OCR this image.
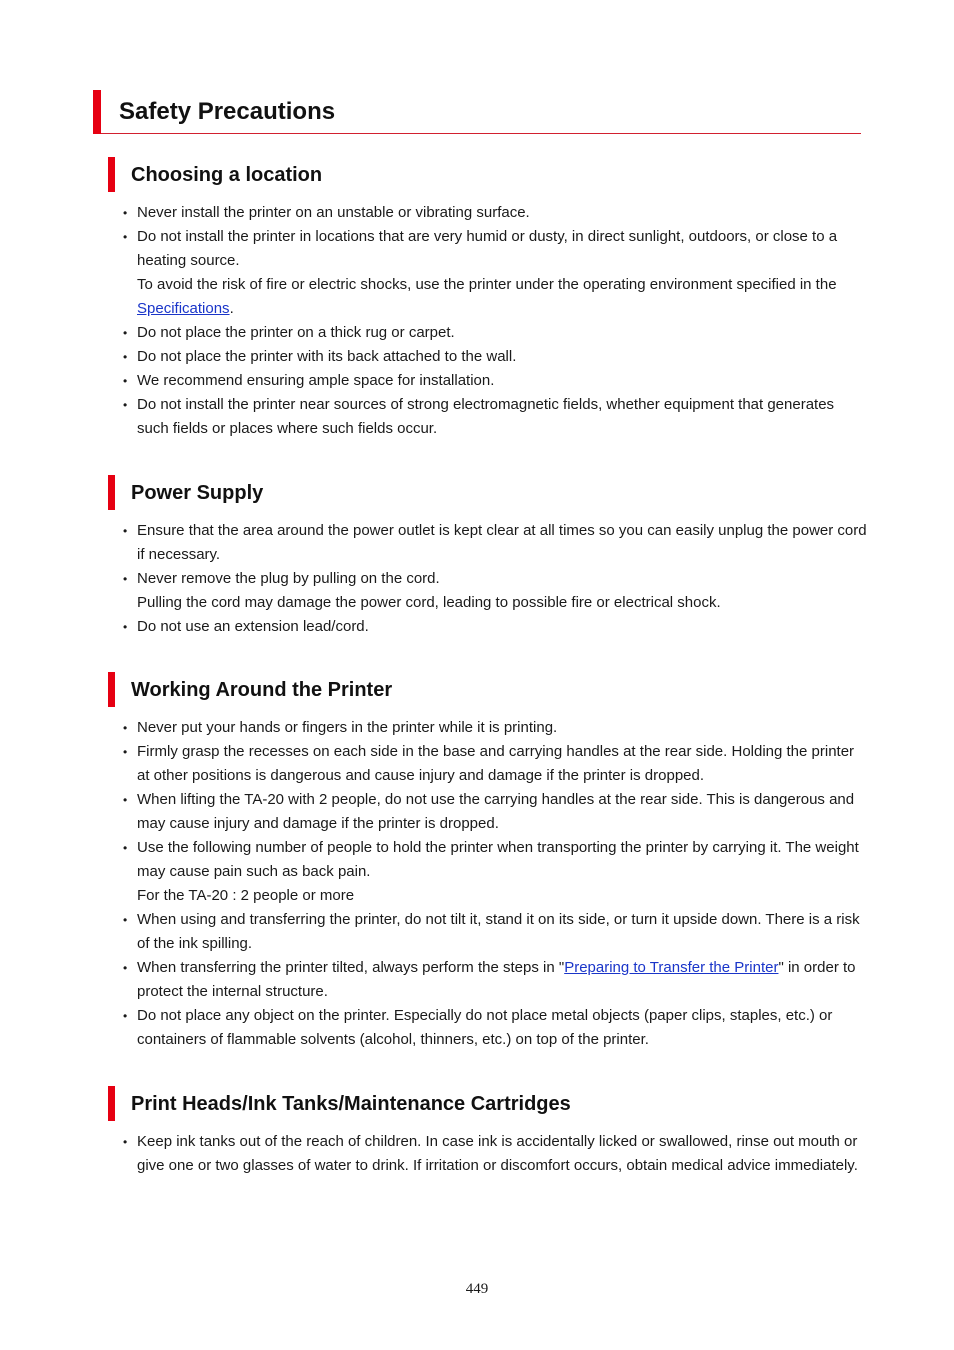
Safety Precautions
Choosing a location
• Never install the printer on an unstable or vibrating surface.
• Do not install the printer in locations that are very humid or dusty, in direct sunlight, outdoors, or close to a heating source.
To avoid the risk of fire or electric shocks, use the printer under the operating environment specified in the Specifications.
• Do not place the printer on a thick rug or carpet.
• Do not place the printer with its back attached to the wall.
• We recommend ensuring ample space for installation.
• Do not install the printer near sources of strong electromagnetic fields, whether equipment that generates such fields or places where such fields occur.
Power Supply
• Ensure that the area around the power outlet is kept clear at all times so you can easily unplug the power cord if necessary.
• Never remove the plug by pulling on the cord.
Pulling the cord may damage the power cord, leading to possible fire or electrical shock.
• Do not use an extension lead/cord.
Working Around the Printer
• Never put your hands or fingers in the printer while it is printing.
• Firmly grasp the recesses on each side in the base and carrying handles at the rear side. Holding the printer at other positions is dangerous and cause injury and damage if the printer is dropped.
• When lifting the TA-20 with 2 people, do not use the carrying handles at the rear side. This is dangerous and may cause injury and damage if the printer is dropped.
• Use the following number of people to hold the printer when transporting the printer by carrying it. The weight may cause pain such as back pain.
For the TA-20 : 2 people or more
• When using and transferring the printer, do not tilt it, stand it on its side, or turn it upside down. There is a risk of the ink spilling.
• When transferring the printer tilted, always perform the steps in "Preparing to Transfer the Printer" in order to protect the internal structure.
• Do not place any object on the printer. Especially do not place metal objects (paper clips, staples, etc.) or containers of flammable solvents (alcohol, thinners, etc.) on top of the printer.
Print Heads/Ink Tanks/Maintenance Cartridges
• Keep ink tanks out of the reach of children. In case ink is accidentally licked or swallowed, rinse out mouth or give one or two glasses of water to drink. If irritation or discomfort occurs, obtain medical advice immediately.
449
